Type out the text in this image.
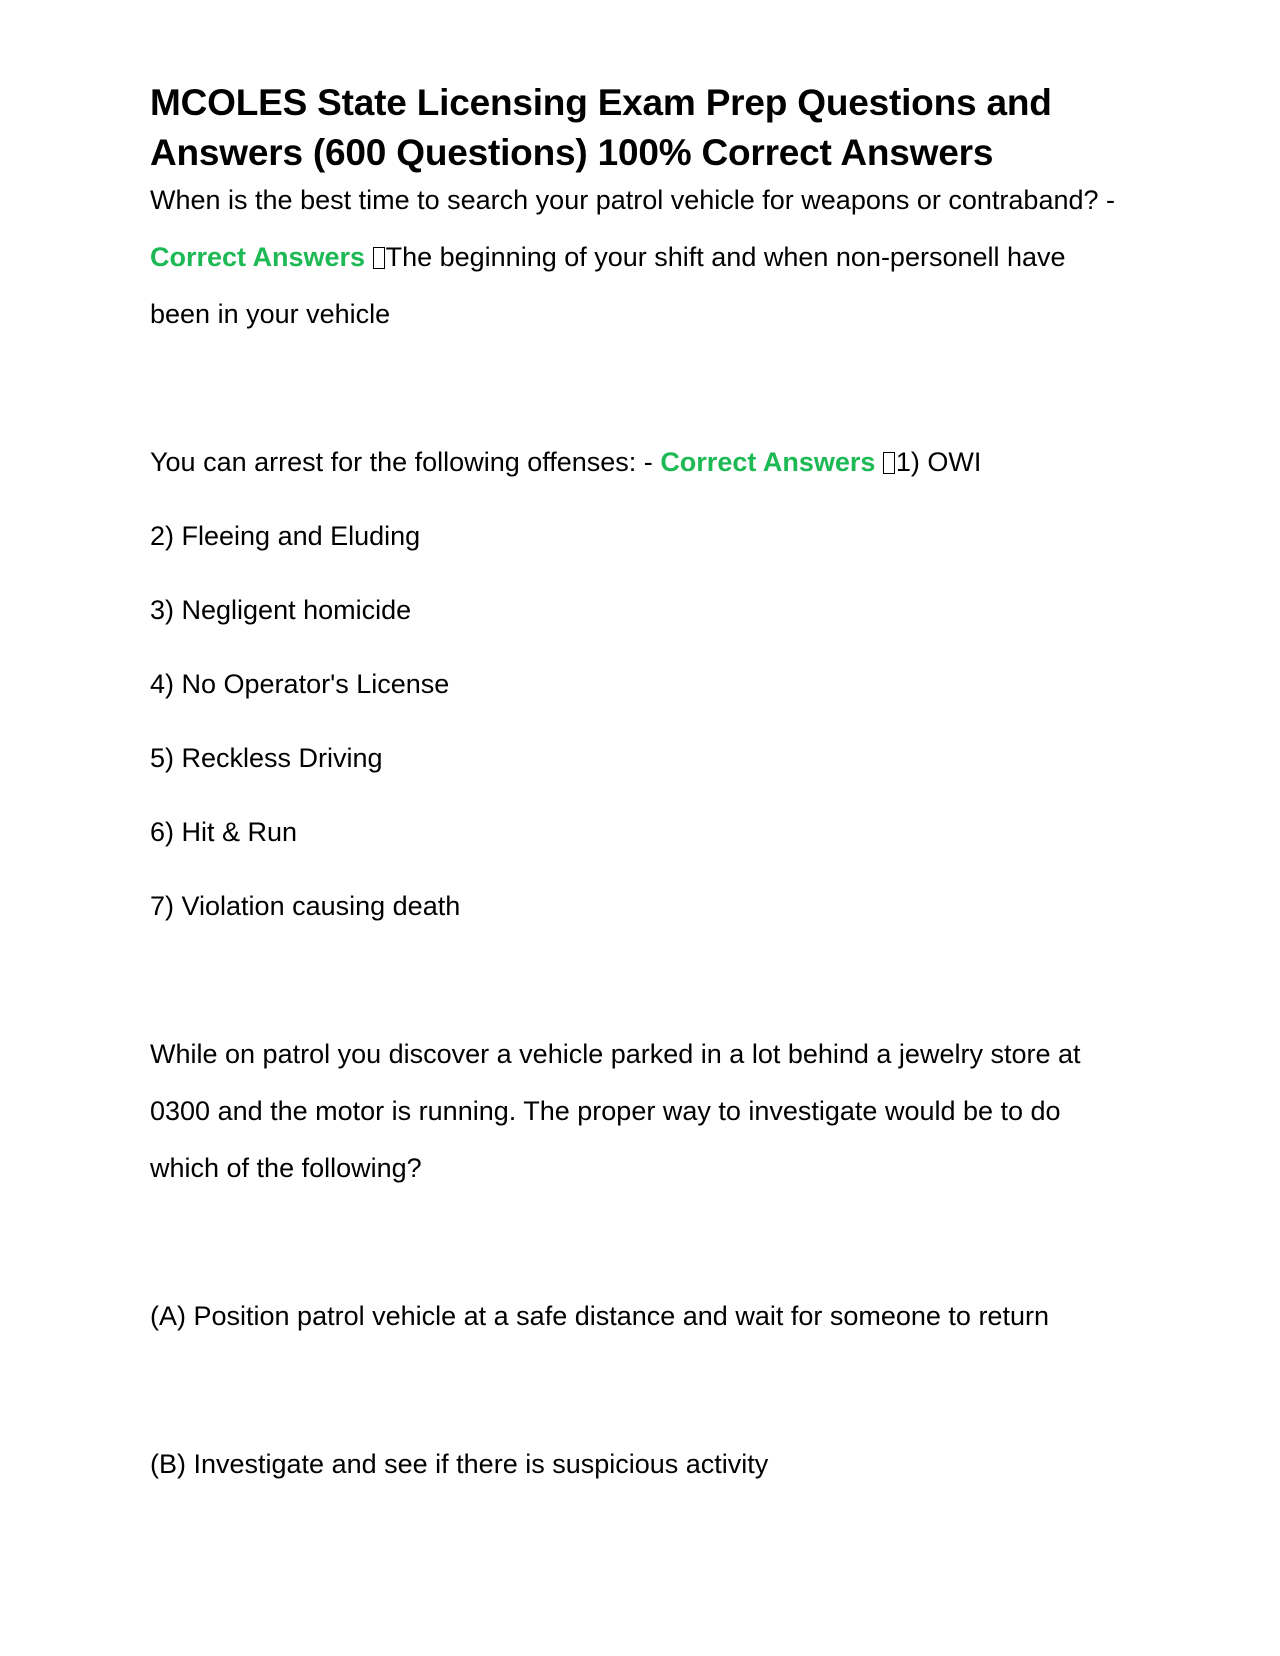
MCOLES State Licensing Exam Prep Questions and Answers (600 Questions) 100% Correct Answers

When is the best time to search your patrol vehicle for weapons or contraband? - Correct Answers The beginning of your shift and when non-personell have been in your vehicle

You can arrest for the following offenses: - Correct Answers 1) OWI

2) Fleeing and Eluding

3) Negligent homicide

4) No Operator's License

5) Reckless Driving

6) Hit & Run

7) Violation causing death

While on patrol you discover a vehicle parked in a lot behind a jewelry store at 0300 and the motor is running. The proper way to investigate would be to do which of the following?

(A) Position patrol vehicle at a safe distance and wait for someone to return

(B) Investigate and see if there is suspicious activity
